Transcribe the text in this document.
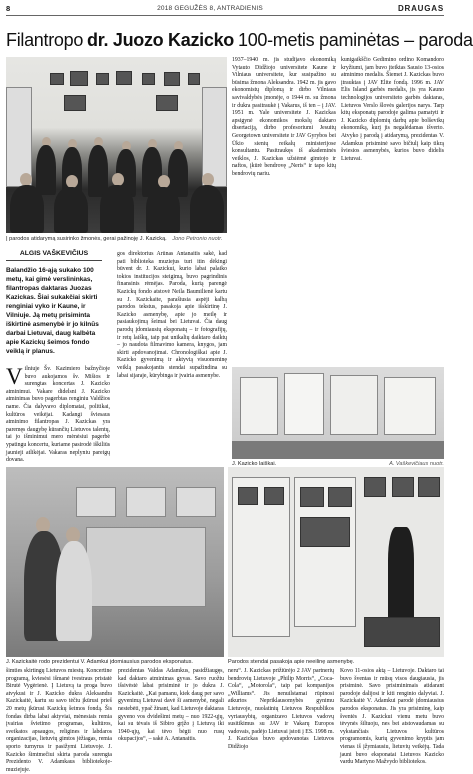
8	2018 GEGUŽĖS 8, ANTRADIENIS	DRAUGAS
Filantropo dr. Juozo Kazicko 100-metis paminėtas – paroda
Į parodos atidarymą susirinko žmonės, gerai pažinoję J. Kazicką. Jono Petronio nuotr.
ALGIS VAŠKEVIČIUS
Balandžio 16-ąją sukako 100 metų, kai gimė verslininkas, filantropas daktaras Juozas Kazickas. Šiai sukakčiai skirti renginiai vyko ir Kaune, ir Vilniuje. Ją metų prisiminta iškirtinė asmenybė ir jo kilnūs darbai Lietuvai, daug kalbėta apie Kazickų šeimos fondo veiklą ir planus.
Vilniuje Šv. Kazimiero bažnyčioje buvo aukojamos šv. Mišios ir surengtas koncertas J. Kazicko atminimui. Vakare didelsni J. Kazicko atminimas buvo pagerbtas renginiu Valdžios name. Čia dalyvavo diplomatai, politikai, kultūros veikėjai. Kadangi šviesaus atminimo filantropas J. Kazickas yra paremęs daugybę kūrančių Lietuvos talentų, tai jo išminimui mero mėnėsiui pagerbė ypatingu koncertu, kuriame pasirodė iškiliūs jaunieji atlikėjai. Vakaras neplyniu pareigų dovana.
gos direktorius Arūnas Antanaitis sakė, kad pati biblioteka muziejus turi itin dėkingi būvent dr. J. Kazickui, kurio labai palaiko tokios institucijos steigimą, buvo pagrindinis finansinis rėmėjas. Paroda, kurią parengė Kazickų fondo atstovė Neila Baumilienė kartu su J. Kazickaite, parašiusia aspėji kalbą parodos tekstus, pasakoja apie išskirtinę J. Kazicko asmenybę, apie jo meilę ir pasiaukojimą šeimai bei Lietuvai. Čia daug parodų įdomiausių eksponatų – ir fotografijų, ir retų laiškų, taip pat unikalių daiktaro daiktų – jo naudota filmavimo kamera, knygos, jam skirti apdovanojimai. Chronologiškai apie J. Kazicko gyvenimą ir aktyvią visuomeninę veiklą pasakojantis stendai supažindina su labai sijaraje, kūrybinga ir įvairia asmenybe.
1937–1940 m. jis studijavo ekonomiką Vytauto Didžiojo universitete Kaune ir Vilniaus universitete, kur susipažino su būsima žmona Aleksandra. 1942 m. jis gavo ekonomistų diplomą ir dirbo Vilniaus savivaldybės įmonėje, o 1944 m. su žmona ir dukra pasitraukė į Vakarus, iš ten – į JAV. 1951 m. Yale universitete J. Kazickas apsigynė ekonomikos mokslų daktaro disertaciją, dirbo profesoriumi Jesuitų Georgetown universitete ir JAV Gyrybos bei Ūkio sienių reikalų ministerijose konsultantu. Pasitraukęs iš akademinės veiklos, J. Kazickas užsiėmė gimtojo ir naftos, įkūrė bendrovę „Neris“ ir tapo kitų bendrovių nariu.
kunigaikščio Gedimino ordino Komandoro kryžiumi, jam buvo įteiktas Sausio 13-osios atminimo medalis. Šiemet J. Kazickas buvo įtrauktas į JAV Elite fondą. 1996 m. JAV Elis Island garbės medalis, jis yra Kauno technologijos universiteto garbės daktaras, Lietuvos Verslo šlovės galerijos narys. Tarp kitų eksponatų parodoje galima pamatyti ir J. Kazicko diplomių darbų apie bolševikų ekonomiką, kurį jis negalėdamas išverto. Atvyko į parodą į atidarymą, prezidentas V. Adamkus prisiminė savo bičiulį kaip tikrą šviesios asmenybės, kurios buvo didelis Lietuvai.
J. Kazicko laiškai.	A. Vaškevičiaus nuotr.
J. Kazickaitė rodo prezidentui V. Adamkui įdomiausius parodos eksponatus.	Parodos stendai pasakoja apie neeilinę asmenybę.
šimties skirtingų Lietuvos miestų. Koncertine programą, kviesėsi išmanė ivestraus pristatė Birutė Vygėrienė. Į Lietuvą ta proga buvo atvykusi ir J. Kazicko dukra Aleksandra Kazickaitė, kartu su savo tėčiu įkūrusi prieš 20 metų įkūrusi Kazickų šeimos fondą. Šis fondas dirba labai aktyviai, mėnesiais remia įvairias švietimo programas, kultūros, sveikatos apsaugos, religines ir labdaros organizacijas, lietuvių gimtos jėžiagas, remia sporto turnyrus ir pasižymi Lietuvoje. J. Kazicko šimtmečiui skirta paroda surengta Prezidento V. Adamkaus bibliotekoje-muziejuje.
prezidentas Valdas Adamkus, pasidžiaugęs, kad daktaro atminimas gyvas. Savo ruožtu išsivėstė labai prisiminė ir jo dukra J. Kazickaitė. „Kai pamanu, kiek daug per savo gyvenimą Lietuvai davė šī asmenybė, negali nestebėti, ypač žinant, kad Lietuvoje daktaras gyveno vos dvidešimt metų – nuo 1922-ųjų, kai su tėvais iš Sibiro grįžo į Lietuvą iki 1940-ųjų, kai tėvo bėgti nuo rusų okupacijos“, – sakė A. Antanaitis.
neru“. J. Kazickas prižiūrėjo 2 JAV partnerių bendrovių Lietuvoje „Philip Morris“, „Coca-Cola“, „Motorola“, taip pat kompanijos „Williams“. Jis nenuilstamai rūpinosi atkurtos Nepriklausomybės gynimu Lietuvoje, nuolatinių Lietuvos Respublikos vyriausybių, organizavo Lietuvos vadovų susitikimus su JAV ir Vakarų Europos vadovais, padėjo Lietuvai įstoti į ES. 1998 m. J. Kazickas buvo apdovanotas Lietuvos Didžiojo
Kovo 11-osios aktą – Lietuvoje. Daktaro tai buvo šventas ir mūsų visos daugiausia, jis prisiminė. Savo prisiminimais atidarant parodoje dalijosi ir kiti renginio dalyviai. J. Kazickaitė V. Adamkui parodė įdomiausius parodos eksponatus. Jis yra prisiminę, kaip šventės J. Kazickui vienu metu buvo tėvynės šiltuoju, nes bei atstovaudamas su vykstančiais Lietuvos kultūros programomis, kurių gyvenimo kryptis jam vienas iš įžymiausiu, lietuvių veikėjų. Tada jauni buvo eksponatai Lietuvos Kazicko vardu Martyno Mažvydo bibliotekos.
